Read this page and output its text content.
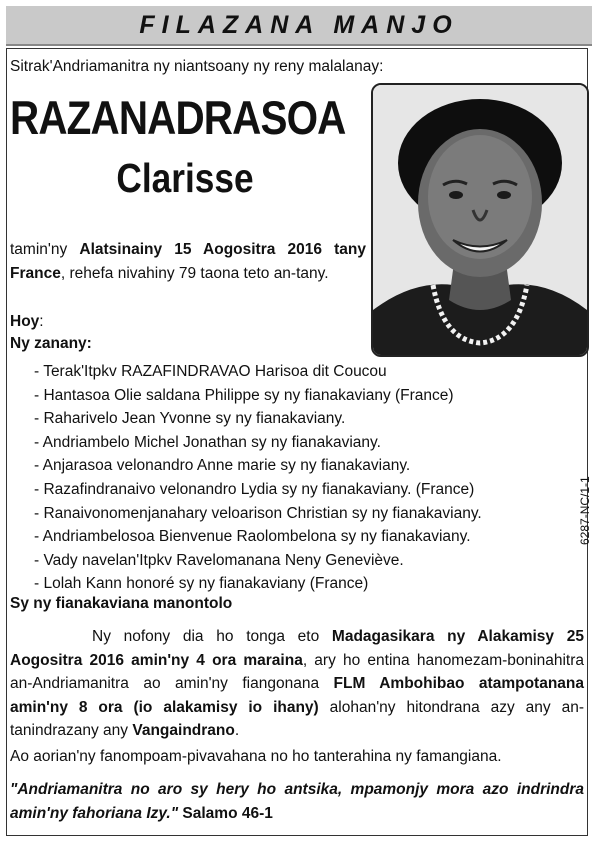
FILAZANA MANJO
Sitrak'Andriamanitra ny niantsoany ny reny malalanay:
RAZANADRASOA
Clarisse
tamin'ny Alatsinainy 15 Aogositra 2016 tany France, rehefa nivahiny 79 taona teto an-tany.
Hoy:
Ny zanany:
- Terak'Itpkv RAZAFINDRAVAO Harisoa dit Coucou
- Hantasoa Olie saldana Philippe sy ny fianakaviany (France)
- Raharivelo Jean Yvonne sy ny fianakaviany.
- Andriambelo Michel Jonathan sy ny fianakaviany.
- Anjarasoa velonandro Anne marie sy ny fianakaviany.
- Razafindranaivo velonandro Lydia sy ny fianakaviany. (France)
- Ranaivonomenjanahary veloarison Christian sy ny fianakaviany.
- Andriambelosoa Bienvenue Raolombelona sy ny fianakaviany.
- Vady navelan'Itpkv Ravelomanana Neny Geneviève.
- Lolah Kann honoré sy ny fianakaviany (France)
Sy ny fianakaviana manontolo
Ny nofony dia ho tonga eto Madagasikara ny Alakamisy 25 Aogositra 2016 amin'ny 4 ora maraina, ary ho entina hanomezam-boninahitra an-Andriamanitra ao amin'ny fiangonana FLM Ambohibao atampotanana amin'ny 8 ora (io alakamisy io ihany) alohan'ny hitondrana azy any an-tanindrazany any Vangaindrano.
Ao aorian'ny fanompoam-pivavahana no ho tanterahina ny famangiana.
"Andriamanitra no aro sy hery ho antsika, mpamonjy mora azo indrindra amin'ny fahoriana Izy." Salamo 46-1
6287-NC/1-1
